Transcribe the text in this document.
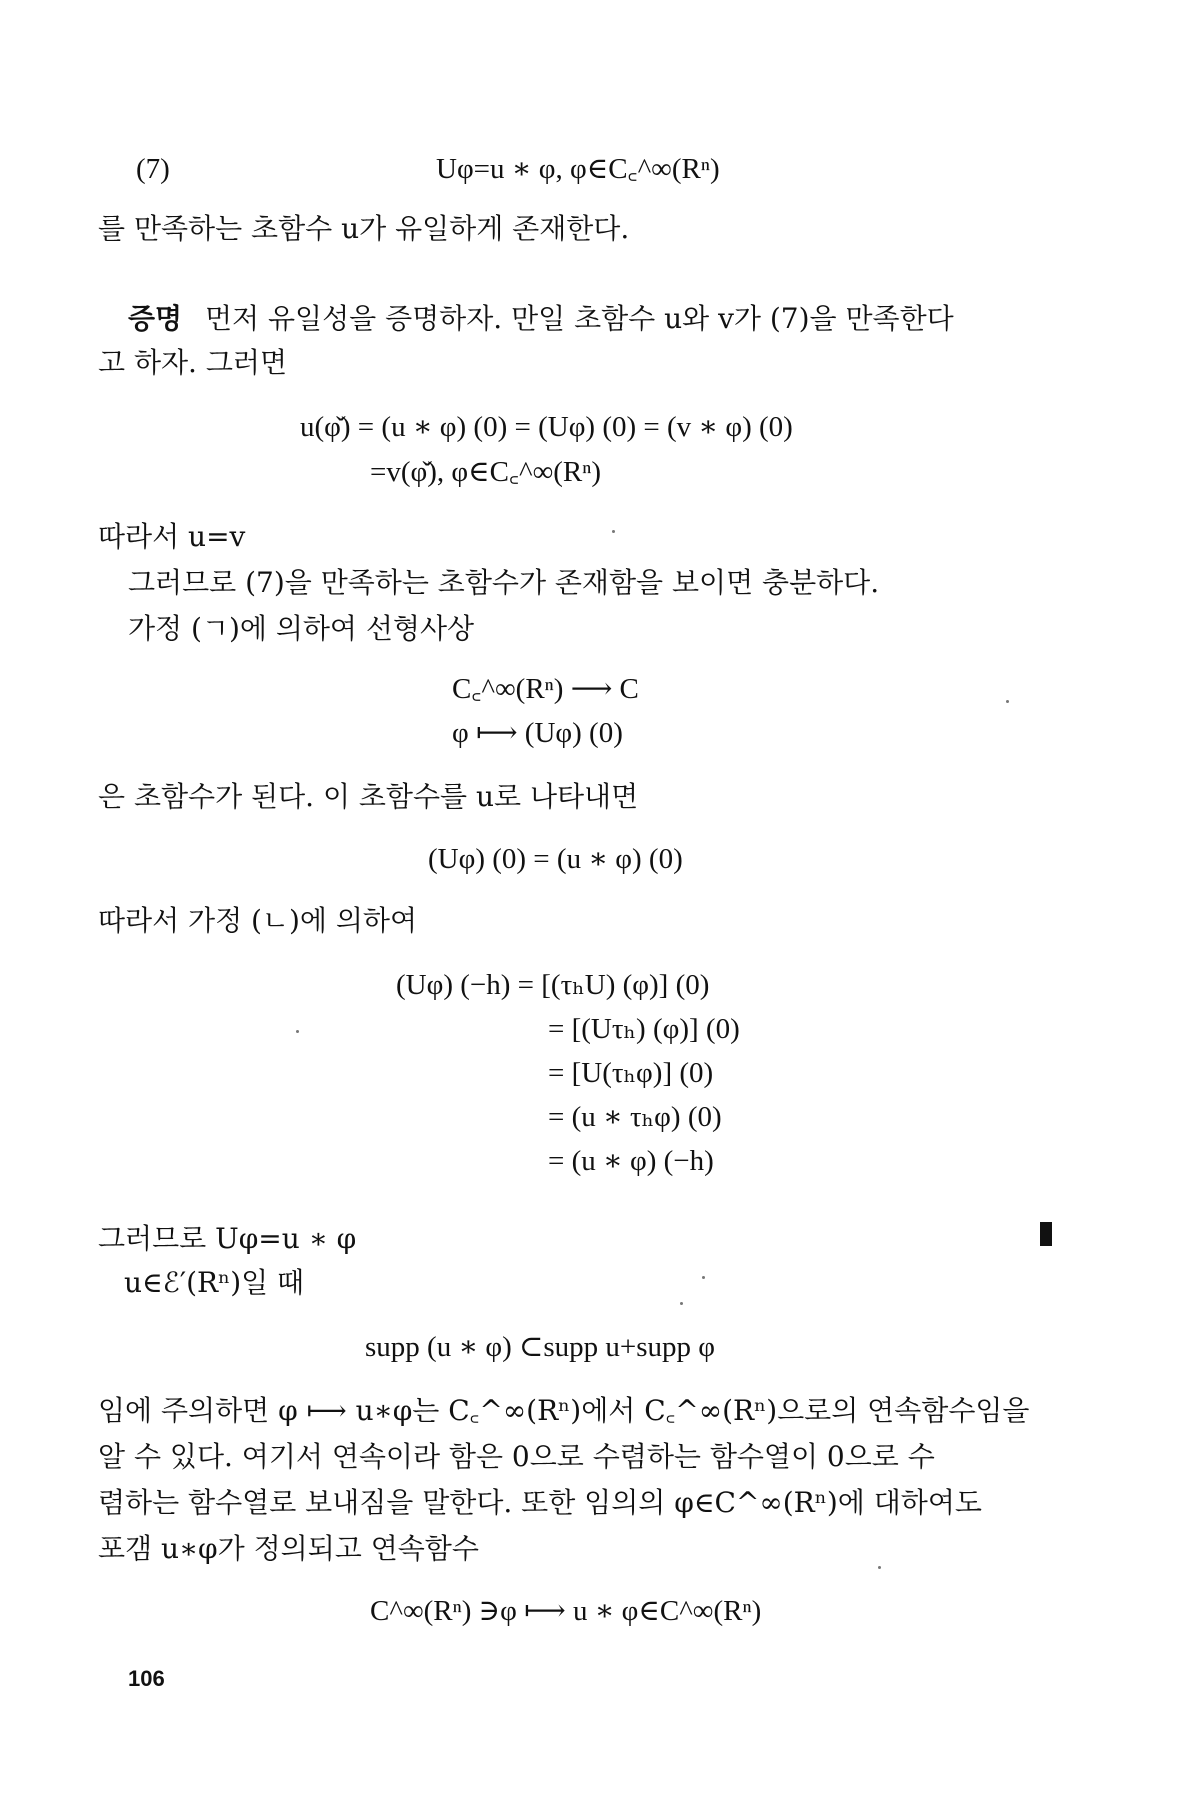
(7)	Uφ=u ∗ φ, φ∈C꜀^∞(Rⁿ)
를 만족하는 초함수 u가 유일하게 존재한다.
증명 먼저 유일성을 증명하자. 만일 초함수 u와 v가 (7)을 만족한다
고 하자. 그러면
u(φ̌) = (u ∗ φ) (0) = (Uφ) (0) = (v ∗ φ) (0)
=v(φ̌), φ∈C꜀^∞(Rⁿ)
따라서 u=v
그러므로 (7)을 만족하는 초함수가 존재함을 보이면 충분하다.
가정 (ㄱ)에 의하여 선형사상
C꜀^∞(Rⁿ) ⟶ C
φ ⟼ (Uφ) (0)
은 초함수가 된다. 이 초함수를 u로 나타내면
(Uφ) (0) = (u ∗ φ) (0)
따라서 가정 (ㄴ)에 의하여
(Uφ) (−h) = [(τₕU) (φ)] (0)
= [(Uτₕ) (φ)] (0)
= [U(τₕφ)] (0)
= (u ∗ τₕφ) (0)
= (u ∗ φ) (−h)
그러므로 Uφ=u ∗ φ
u∈ℰ′(Rⁿ)일 때
supp (u ∗ φ) ⊂supp u+supp φ
임에 주의하면 φ ⟼ u∗φ는 C꜀^∞(Rⁿ)에서 C꜀^∞(Rⁿ)으로의 연속함수임을
알 수 있다. 여기서 연속이라 함은 0으로 수렴하는 함수열이 0으로 수
렴하는 함수열로 보내짐을 말한다. 또한 임의의 φ∈C^∞(Rⁿ)에 대하여도
포갬 u∗φ가 정의되고 연속함수
C^∞(Rⁿ) ∋φ ⟼ u ∗ φ∈C^∞(Rⁿ)
106
